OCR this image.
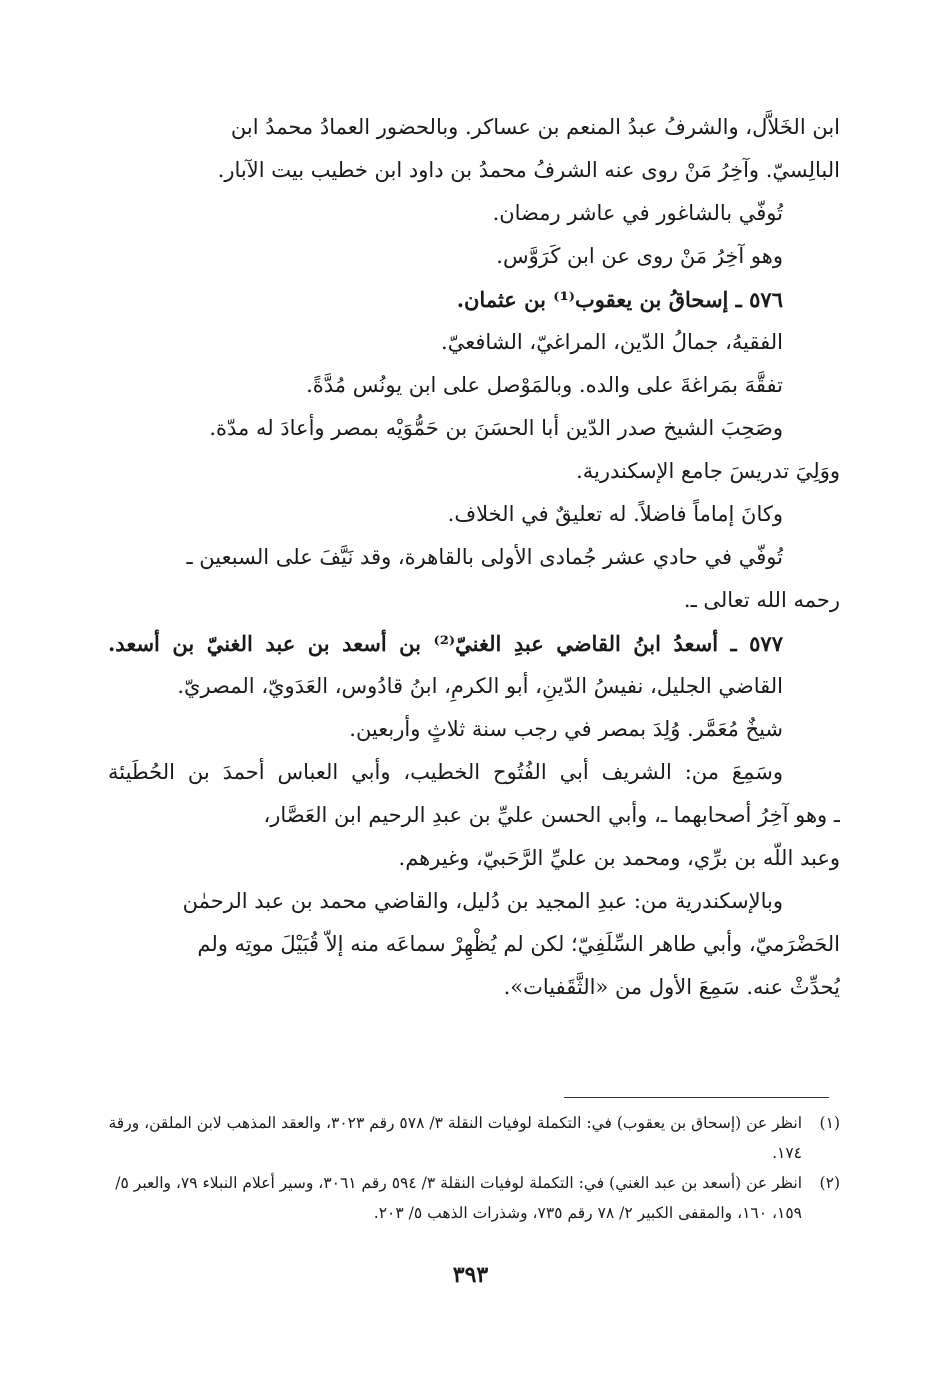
ابن الخَلاَّل، والشرفُ عبدُ المنعم بن عساكر. وبالحضور العمادُ محمدُ ابن
البالِسيّ. وآخِرُ مَنْ روى عنه الشرفُ محمدُ بن داود ابن خطيب بيت الآبار.
تُوفّي بالشاغور في عاشر رمضان.
وهو آخِرُ مَنْ روى عن ابن كَرَوَّس.
٥٧٦ ـ إسحاقُ بن يعقوب⁽¹⁾ بن عثمان.
الفقيهُ، جمالُ الدّين، المراغيّ، الشافعيّ.
تفقَّهَ بمَراغةَ على والده. وبالمَوْصل على ابن يونُس مُدَّةً.
وصَحِبَ الشيخ صدر الدّين أبا الحسَنَ بن حَمُّوَيْه بمصر وأعادَ له مدّة.
ووَلِيَ تدريسَ جامع الإسكندرية.
وكانَ إماماً فاضلاً. له تعليقٌ في الخلاف.
تُوفّي في حادي عشر جُمادى الأولى بالقاهرة، وقد نَيَّفَ على السبعين ـ
رحمه الله تعالى ـ.
٥٧٧ ـ أسعدُ ابنُ القاضي عبدِ الغنيّ⁽²⁾ بن أسعد بن عبد الغنيّ بن أسعد.
القاضي الجليل، نفيسُ الدّينِ، أبو الكرمِ، ابنُ قادُوس، العَدَويّ، المصريّ.
شيخٌ مُعَمَّر. وُلِدَ بمصر في رجب سنة ثلاثٍ وأربعين.
وسَمِعَ من: الشريف أبي الفُتُوح الخطيب، وأبي العباس أحمدَ بن الحُطَيئة
ـ وهو آخِرُ أصحابهما ـ، وأبي الحسن عليِّ بن عبدِ الرحيم ابن العَصَّار،
وعبد اللّه بن برِّي، ومحمد بن عليِّ الرَّحَبيّ، وغيرهم.
وبالإسكندرية من: عبدِ المجيد بن دُليل، والقاضي محمد بن عبد الرحمٰن
الحَضْرَميّ، وأبي طاهر السِّلَفِيّ؛ لكن لم يُظْهِرْ سماعَه منه إلاّ قُبَيْلَ موتِه ولم
يُحدِّثْ عنه. سَمِعَ الأول من «الثَّقَفيات».
(١)
انظر عن (إسحاق بن يعقوب) في: التكملة لوفيات النقلة ٣/ ٥٧٨ رقم ٣٠٢٣، والعقد المذهب لابن الملقن، ورقة ١٧٤.
(٢)
انظر عن (أسعد بن عبد الغني) في: التكملة لوفيات النقلة ٣/ ٥٩٤ رقم ٣٠٦١، وسير أعلام النبلاء ٧٩، والعبر ٥/ ١٥٩، ١٦٠، والمقفى الكبير ٢/ ٧٨ رقم ٧٣٥، وشذرات الذهب ٥/ ٢٠٣.
٣٩٣
